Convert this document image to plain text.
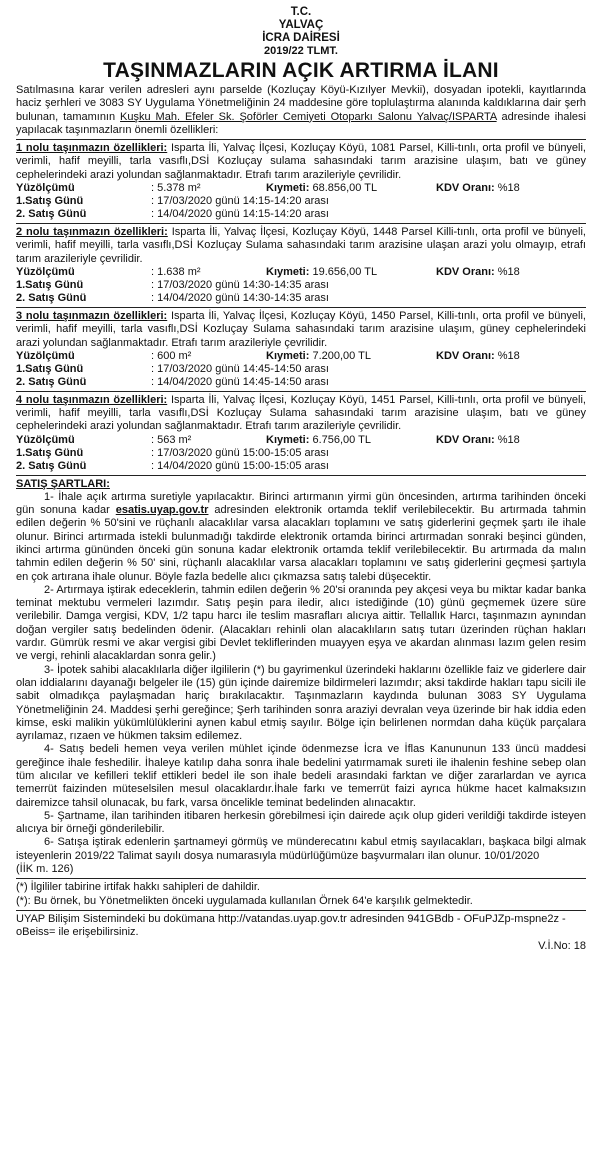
T.C.
YALVAÇ
İCRA DAİRESİ
2019/22 TLMT.
TAŞINMAZLARIN AÇIK ARTIRMA İLANI

Satılmasına karar verilen adresleri aynı parselde (Kozluçay Köyü-Kızılyer Mevkii), dosyadan ipotekli, kayıtlarında haciz şerhleri ve 3083 SY Uygulama Yönetmeliğinin 24 maddesine göre toplulaştırma alanında kaldıklarına dair şerh bulunan, tamamının Kuşku Mah. Efeler Sk. Şoförler Cemiyeti Otoparkı Salonu Yalvaç/ISPARTA adresinde ihalesi yapılacak taşınmazların önemli özellikleri:

1 nolu taşınmazın özellikleri: Isparta İli, Yalvaç İlçesi, Kozluçay Köyü, 1081 Parsel, Killi-tınlı, orta profil ve bünyeli, verimli, hafif meyilli, tarla vasıflı,DSİ Kozluçay sulama sahasındaki tarım arazisine ulaşım, batı ve güney cephelerindeki arazi yolundan sağlanmaktadır. Etrafı tarım arazileriyle çevrilidir.

Yüzölçümü	: 5.378 m²	Kıymeti: 68.856,00 TL	KDV Oranı: %18
1.Satış Günü	: 17/03/2020 günü 14:15-14:20 arası
2. Satış Günü	: 14/04/2020 günü 14:15-14:20 arası

2 nolu taşınmazın özellikleri: Isparta İli, Yalvaç İlçesi, Kozluçay Köyü, 1448 Parsel Killi-tınlı, orta profil ve bünyeli, verimli, hafif meyilli, tarla vasıflı,DSİ Kozluçay Sulama sahasındaki tarım arazisine ulaşan arazi yolu olmayıp, etrafı tarım arazileriyle çevrilidir.

Yüzölçümü	: 1.638 m²	Kıymeti: 19.656,00 TL	KDV Oranı: %18
1.Satış Günü	: 17/03/2020 günü 14:30-14:35 arası
2. Satış Günü	: 14/04/2020 günü 14:30-14:35 arası

3 nolu taşınmazın özellikleri: Isparta İli, Yalvaç İlçesi, Kozluçay Köyü, 1450 Parsel, Killi-tınlı, orta profil ve bünyeli, verimli, hafif meyilli, tarla vasıflı,DSİ Kozluçay Sulama sahasındaki tarım arazisine ulaşım, güney cephelerindeki arazi yolundan sağlanmaktadır. Etrafı tarım arazileriyle çevrilidir.

Yüzölçümü	: 600 m²	Kıymeti: 7.200,00 TL	KDV Oranı: %18
1.Satış Günü	: 17/03/2020 günü 14:45-14:50 arası
2. Satış Günü	: 14/04/2020 günü 14:45-14:50 arası

4 nolu taşınmazın özellikleri: Isparta İli, Yalvaç İlçesi, Kozluçay Köyü, 1451 Parsel, Killi-tınlı, orta profil ve bünyeli, verimli, hafif meyilli, tarla vasıflı,DSİ Kozluçay Sulama sahasındaki tarım arazisine ulaşım, batı ve güney cephelerindeki arazi yolundan sağlanmaktadır. Etrafı tarım arazileriyle çevrilidir.

Yüzölçümü	: 563 m²	Kıymeti: 6.756,00 TL	KDV Oranı: %18
1.Satış Günü	: 17/03/2020 günü 15:00-15:05 arası
2. Satış Günü	: 14/04/2020 günü 15:00-15:05 arası
SATIŞ ŞARTLARI:

1- İhale açık artırma suretiyle yapılacaktır. Birinci artırmanın yirmi gün öncesinden, artırma tarihinden önceki gün sonuna kadar esatis.uyap.gov.tr adresinden elektronik ortamda teklif verilebilecektir. Bu artırmada tahmin edilen değerin % 50'sini ve rüçhanlı alacaklılar varsa alacakları toplamını ve satış giderlerini geçmek şartı ile ihale olunur. Birinci artırmada istekli bulunmadığı takdirde elektronik ortamda birinci artırmadan sonraki beşinci günden, ikinci artırma gününden önceki gün sonuna kadar elektronik ortamda teklif verilebilecektir. Bu artırmada da malın tahmin edilen değerin % 50' sini, rüçhanlı alacaklılar varsa alacakları toplamını ve satış giderlerini geçmesi şartıyla en çok artırana ihale olunur. Böyle fazla bedelle alıcı çıkmazsa satış talebi düşecektir.

2- Artırmaya iştirak edeceklerin, tahmin edilen değerin % 20'si oranında pey akçesi veya bu miktar kadar banka teminat mektubu vermeleri lazımdır. Satış peşin para iledir, alıcı istediğinde (10) günü geçmemek üzere süre verilebilir. Damga vergisi, KDV, 1/2 tapu harcı ile teslim masrafları alıcıya aittir. Tellallık Harcı, taşınmazın aynından doğan vergiler satış bedelinden ödenir. (Alacakları rehinli olan alacaklıların satış tutarı üzerinden rüçhan hakları vardır. Gümrük resmi ve akar vergisi gibi Devlet tekliflerinden muayyen eşya ve akardan alınması lazım gelen resim ve vergi, rehinli alacaklardan sonra gelir.)

3- İpotek sahibi alacaklılarla diğer ilgililerin (*) bu gayrimenkul üzerindeki haklarını özellikle faiz ve giderlere dair olan iddialarını dayanağı belgeler ile (15) gün içinde dairemize bildirmeleri lazımdır; aksi takdirde hakları tapu sicili ile sabit olmadıkça paylaşmadan hariç bırakılacaktır. Taşınmazların kaydında bulunan 3083 SY Uygulama Yönetmeliğinin 24. Maddesi şerhi gereğince; Şerh tarihinden sonra araziyi devralan veya üzerinde bir hak iddia eden kimse, eski malikin yükümlülüklerini aynen kabul etmiş sayılır. Bölge için belirlenen normdan daha küçük parçalara ayrılamaz, rızaen ve hükmen taksim edilemez.

4- Satış bedeli hemen veya verilen mühlet içinde ödenmezse İcra ve İflas Kanununun 133 üncü maddesi gereğince ihale feshedilir. İhaleye katılıp daha sonra ihale bedelini yatırmamak sureti ile ihalenin feshine sebep olan tüm alıcılar ve kefilleri teklif ettikleri bedel ile son ihale bedeli arasındaki farktan ve diğer zararlardan ve ayrıca temerrüt faizinden müteselsilen mesul olacaklardır.İhale farkı ve temerrüt faizi ayrıca hükme hacet kalmaksızın dairemizce tahsil olunacak, bu fark, varsa öncelikle teminat bedelinden alınacaktır.

5- Şartname, ilan tarihinden itibaren herkesin görebilmesi için dairede açık olup gideri verildiği takdirde isteyen alıcıya bir örneği gönderilebilir.

6- Satışa iştirak edenlerin şartnameyi görmüş ve münderecatını kabul etmiş sayılacakları, başkaca bilgi almak isteyenlerin 2019/22 Talimat sayılı dosya numarasıyla müdürlüğümüze başvurmaları ilan olunur. 10/01/2020

(İİK m. 126)

(*) İlgililer tabirine irtifak hakkı sahipleri de dahildir.

(*): Bu örnek, bu Yönetmelikten önceki uygulamada kullanılan Örnek 64'e karşılık gelmektedir.

UYAP Bilişim Sistemindeki bu dokümana http://vatandas.uyap.gov.tr adresinden 941GBdb - OFuPJZp-mspne2z - oBeiss= ile erişebilirsiniz.

V.İ.No: 18
